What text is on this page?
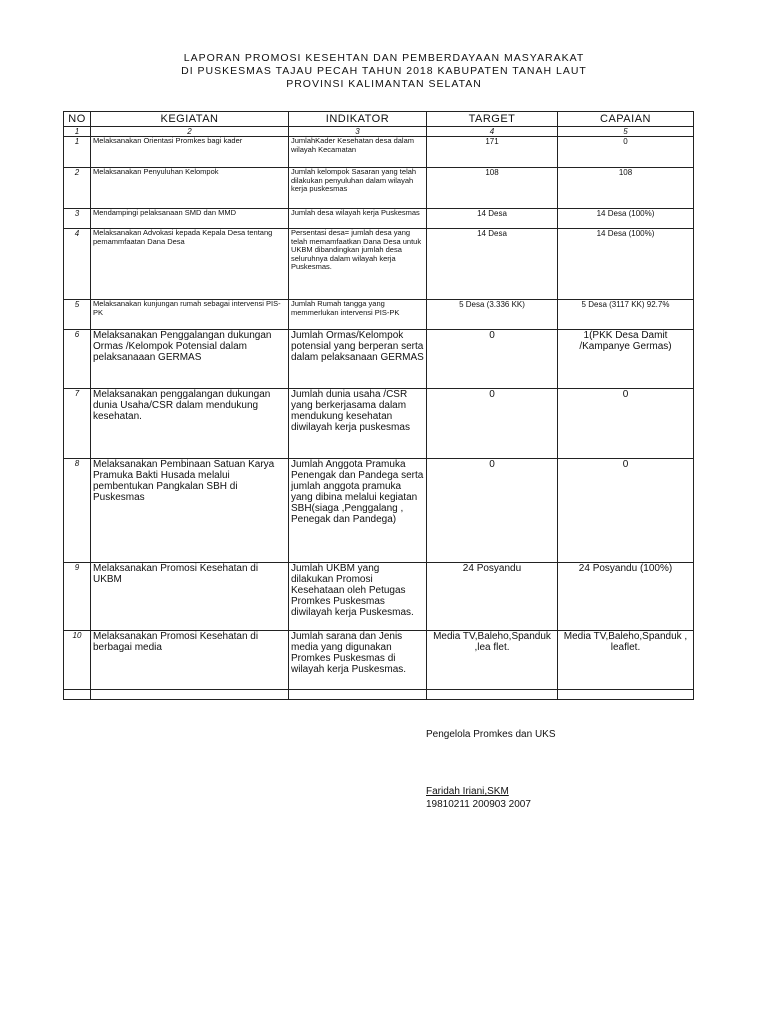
LAPORAN PROMOSI KESEHTAN DAN PEMBERDAYAAN MASYARAKAT
DI PUSKESMAS TAJAU PECAH TAHUN 2018 KABUPATEN TANAH LAUT
PROVINSI KALIMANTAN SELATAN
NO	KEGIATAN	INDIKATOR	TARGET	CAPAIAN
1	2	3	4	5
1	Melaksanakan Orientasi Promkes bagi kader	JumlahKader Kesehatan desa dalam wilayah Kecamatan	171	0
2	Melaksanakan Penyuluhan Kelompok	Jumlah kelompok Sasaran yang telah dilakukan penyuluhan dalam wilayah kerja puskesmas	108	108
3	Mendampingi pelaksanaan SMD dan MMD	Jumlah desa wilayah kerja Puskesmas	14 Desa	14 Desa (100%)
4	Melaksanakan Advokasi kepada Kepala Desa tentang pemammfaatan Dana Desa	Persentasi desa= jumlah desa yang telah memamfaatkan Dana Desa untuk UKBM dibandingkan jumlah desa seluruhnya dalam wilayah kerja Puskesmas.	14 Desa	14 Desa (100%)
5	Melaksanakan kunjungan rumah sebagai intervensi PIS-PK	Jumlah Rumah tangga yang memmerlukan intervensi PIS-PK	5 Desa (3.336 KK)	5 Desa (3117 KK) 92.7%
6	Melaksanakan Penggalangan dukungan Ormas /Kelompok Potensial dalam pelaksanaaan GERMAS	Jumlah Ormas/Kelompok potensial yang berperan serta dalam pelaksanaan GERMAS	0	1(PKK Desa Damit /Kampanye Germas)
7	Melaksanakan penggalangan dukungan dunia Usaha/CSR dalam mendukung kesehatan.	Jumlah dunia usaha /CSR yang berkerjasama dalam mendukung kesehatan diwilayah kerja puskesmas	0	0
8	Melaksanakan Pembinaan Satuan Karya Pramuka Bakti Husada melalui pembentukan Pangkalan SBH di Puskesmas	Jumlah Anggota Pramuka Penengak dan Pandega serta jumlah anggota pramuka yang dibina melalui kegiatan SBH(siaga ,Penggalang , Penegak dan Pandega)	0	0
9	Melaksanakan Promosi Kesehatan di UKBM	Jumlah UKBM yang dilakukan Promosi Kesehataan oleh Petugas Promkes Puskesmas diwilayah kerja Puskesmas.	24 Posyandu	24 Posyandu (100%)
10	Melaksanakan Promosi Kesehatan di berbagai media	Jumlah sarana dan Jenis media yang digunakan Promkes Puskesmas di wilayah kerja Puskesmas.	Media TV,Baleho,Spanduk ,lea flet.	Media TV,Baleho,Spanduk , leaflet.

Pengelola Promkes dan UKS
Faridah Iriani,SKM
19810211 200903 2007
